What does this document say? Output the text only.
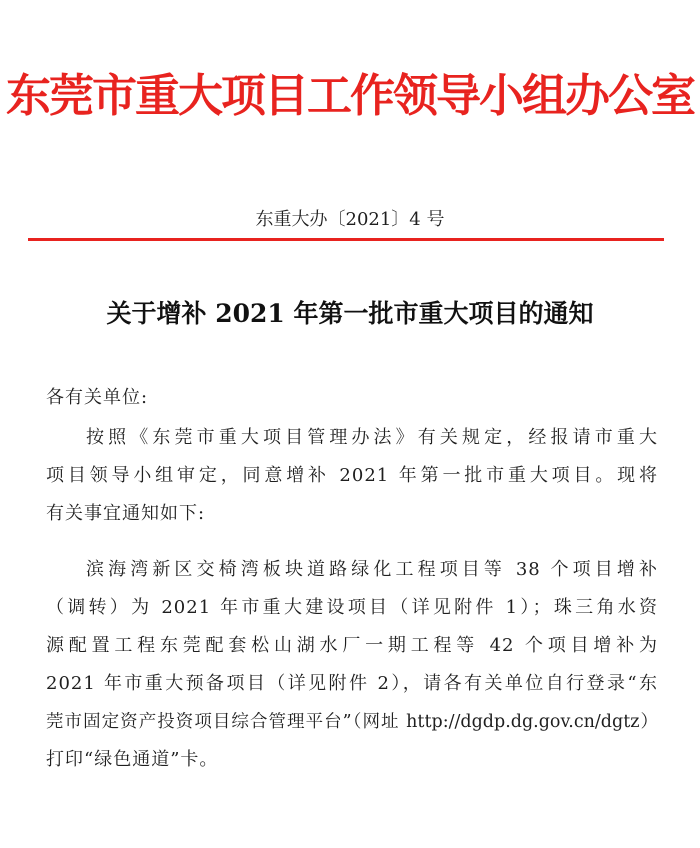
东莞市重大项目工作领导小组办公室
东重大办〔2021〕4 号
关于增补 2021 年第一批市重大项目的通知
各有关单位:
按照《东莞市重大项目管理办法》有关规定，经报请市重大
项目领导小组审定，同意增补 2021 年第一批市重大项目。现将
有关事宜通知如下:
滨海湾新区交椅湾板块道路绿化工程项目等 38 个项目增补
（调转）为 2021 年市重大建设项目（详见附件 1）；珠三角水资
源配置工程东莞配套松山湖水厂一期工程等 42 个项目增补为
2021 年市重大预备项目（详见附件 2），请各有关单位自行登录“东
莞市固定资产投资项目综合管理平台”（网址 http://dgdp.dg.gov.cn/dgtz）
打印“绿色通道”卡。
